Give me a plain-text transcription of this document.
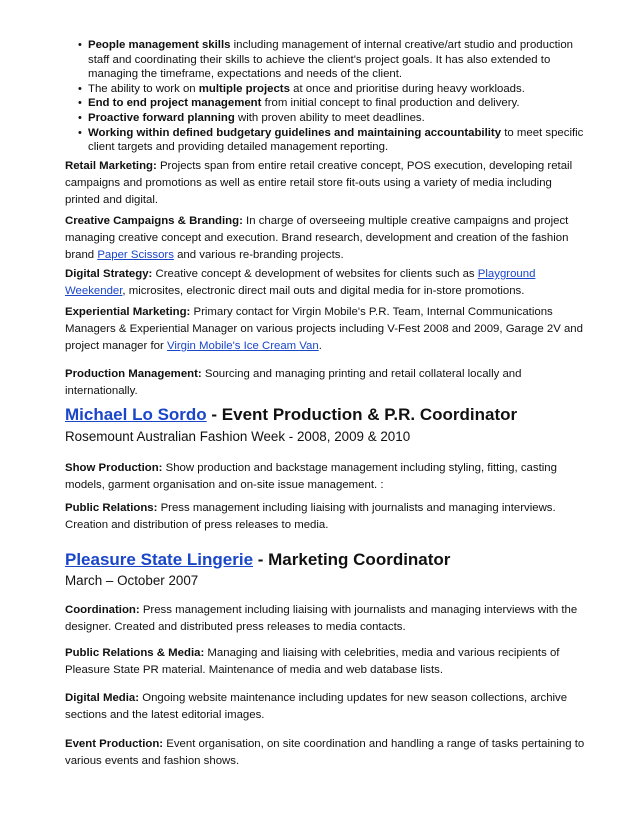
• People management skills including management of internal creative/art studio and production staff and coordinating their skills to achieve the client's project goals. It has also extended to managing the timeframe, expectations and needs of the client.
• The ability to work on multiple projects at once and prioritise during heavy workloads.
• End to end project management from initial concept to final production and delivery.
• Proactive forward planning with proven ability to meet deadlines.
• Working within defined budgetary guidelines and maintaining accountability to meet specific client targets and providing detailed management reporting.

Retail Marketing: Projects span from entire retail creative concept, POS execution, developing retail campaigns and promotions as well as entire retail store fit-outs using a variety of media including printed and digital.

Creative Campaigns & Branding: In charge of overseeing multiple creative campaigns and project managing creative concept and execution. Brand research, development and creation of the fashion brand Paper Scissors and various re-branding projects.

Digital Strategy: Creative concept & development of websites for clients such as Playground Weekender, microsites, electronic direct mail outs and digital media for in-store promotions.

Experiential Marketing: Primary contact for Virgin Mobile's P.R. Team, Internal Communications Managers & Experiential Manager on various projects including V-Fest 2008 and 2009, Garage 2V and project manager for Virgin Mobile's Ice Cream Van.

Production Management: Sourcing and managing printing and retail collateral locally and internationally.

Michael Lo Sordo - Event Production & P.R. Coordinator
Rosemount Australian Fashion Week - 2008, 2009 & 2010

Show Production: Show production and backstage management including styling, fitting, casting models, garment organisation and on-site issue management. :

Public Relations: Press management including liaising with journalists and managing interviews. Creation and distribution of press releases to media.

Pleasure State Lingerie - Marketing Coordinator
March – October 2007

Coordination: Press management including liaising with journalists and managing interviews with the designer. Created and distributed press releases to media contacts.

Public Relations & Media: Managing and liaising with celebrities, media and various recipients of Pleasure State PR material. Maintenance of media and web database lists.

Digital Media: Ongoing website maintenance including updates for new season collections, archive sections and the latest editorial images.

Event Production: Event organisation, on site coordination and handling a range of tasks pertaining to various events and fashion shows.
